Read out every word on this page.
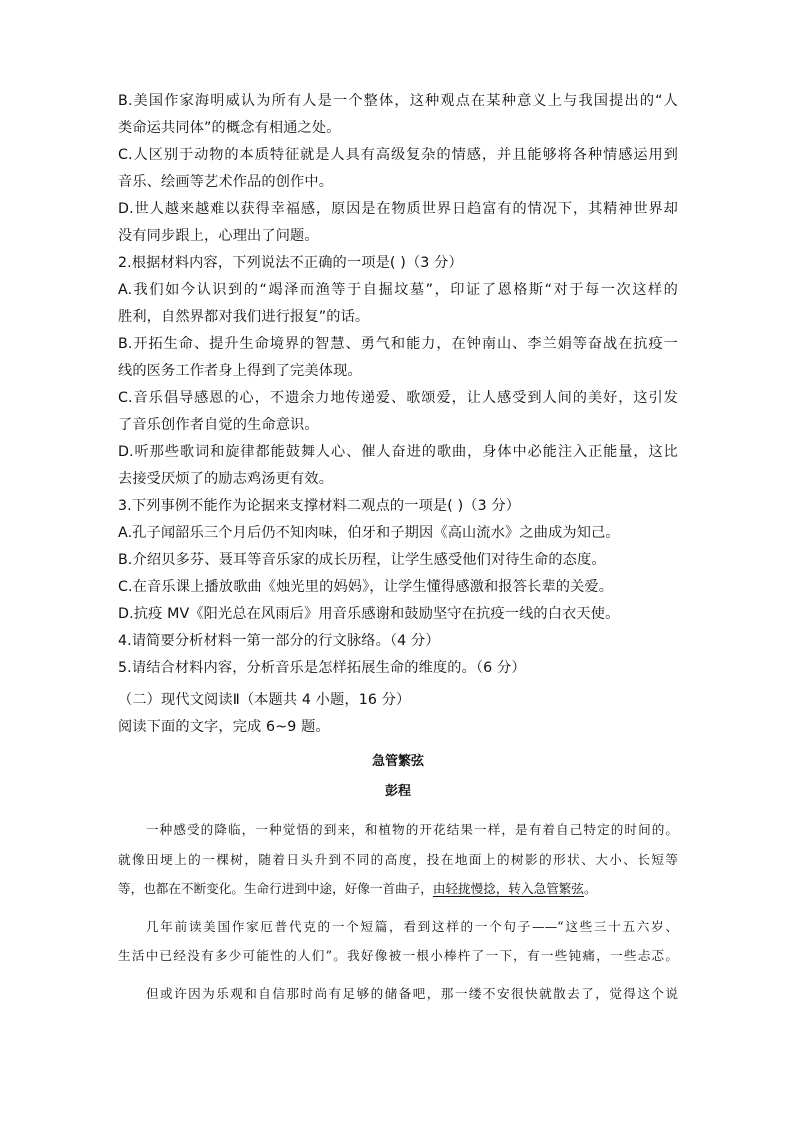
B.美国作家海明威认为所有人是一个整体，这种观点在某种意义上与我国提出的“人
类命运共同体”的概念有相通之处。
C.人区别于动物的本质特征就是人具有高级复杂的情感，并且能够将各种情感运用到
音乐、绘画等艺术作品的创作中。
D.世人越来越难以获得幸福感，原因是在物质世界日趋富有的情况下，其精神世界却
没有同步跟上，心理出了问题。
2.根据材料内容，下列说法不正确的一项是( )（3 分）
A.我们如今认识到的“竭泽而渔等于自掘坟墓”，印证了恩格斯“对于每一次这样的
胜利，自然界都对我们进行报复”的话。
B.开拓生命、提升生命境界的智慧、勇气和能力，在钟南山、李兰娟等奋战在抗疫一
线的医务工作者身上得到了完美体现。
C.音乐倡导感恩的心，不遗余力地传递爱、歌颂爱，让人感受到人间的美好，这引发
了音乐创作者自觉的生命意识。
D.听那些歌词和旋律都能鼓舞人心、催人奋进的歌曲，身体中必能注入正能量，这比
去接受厌烦了的励志鸡汤更有效。
3.下列事例不能作为论据来支撑材料二观点的一项是( )（3 分）
A.孔子闻韶乐三个月后仍不知肉味，伯牙和子期因《高山流水》之曲成为知己。
B.介绍贝多芬、聂耳等音乐家的成长历程，让学生感受他们对待生命的态度。
C.在音乐课上播放歌曲《烛光里的妈妈》，让学生懂得感激和报答长辈的关爱。
D.抗疫 MV《阳光总在风雨后》用音乐感谢和鼓励坚守在抗疫一线的白衣天使。
4.请简要分析材料一第一部分的行文脉络。（4 分）
5.请结合材料内容，分析音乐是怎样拓展生命的维度的。（6 分）
（二）现代文阅读Ⅱ（本题共 4 小题，16 分）
阅读下面的文字，完成 6~9 题。
急管繁弦
彭程
一种感受的降临，一种觉悟的到来，和植物的开花结果一样，是有着自己特定的时间的。
就像田埂上的一棵树，随着日头升到不同的高度，投在地面上的树影的形状、大小、长短等
等，也都在不断变化。生命行进到中途，好像一首曲子，由轻拢慢捻，转入急管繁弦。
几年前读美国作家厄普代克的一个短篇，看到这样的一个句子——“这些三十五六岁、
生活中已经没有多少可能性的人们”。我好像被一根小棒杵了一下，有一些钝痛，一些忐忑。
但或许因为乐观和自信那时尚有足够的储备吧，那一缕不安很快就散去了，觉得这个说
